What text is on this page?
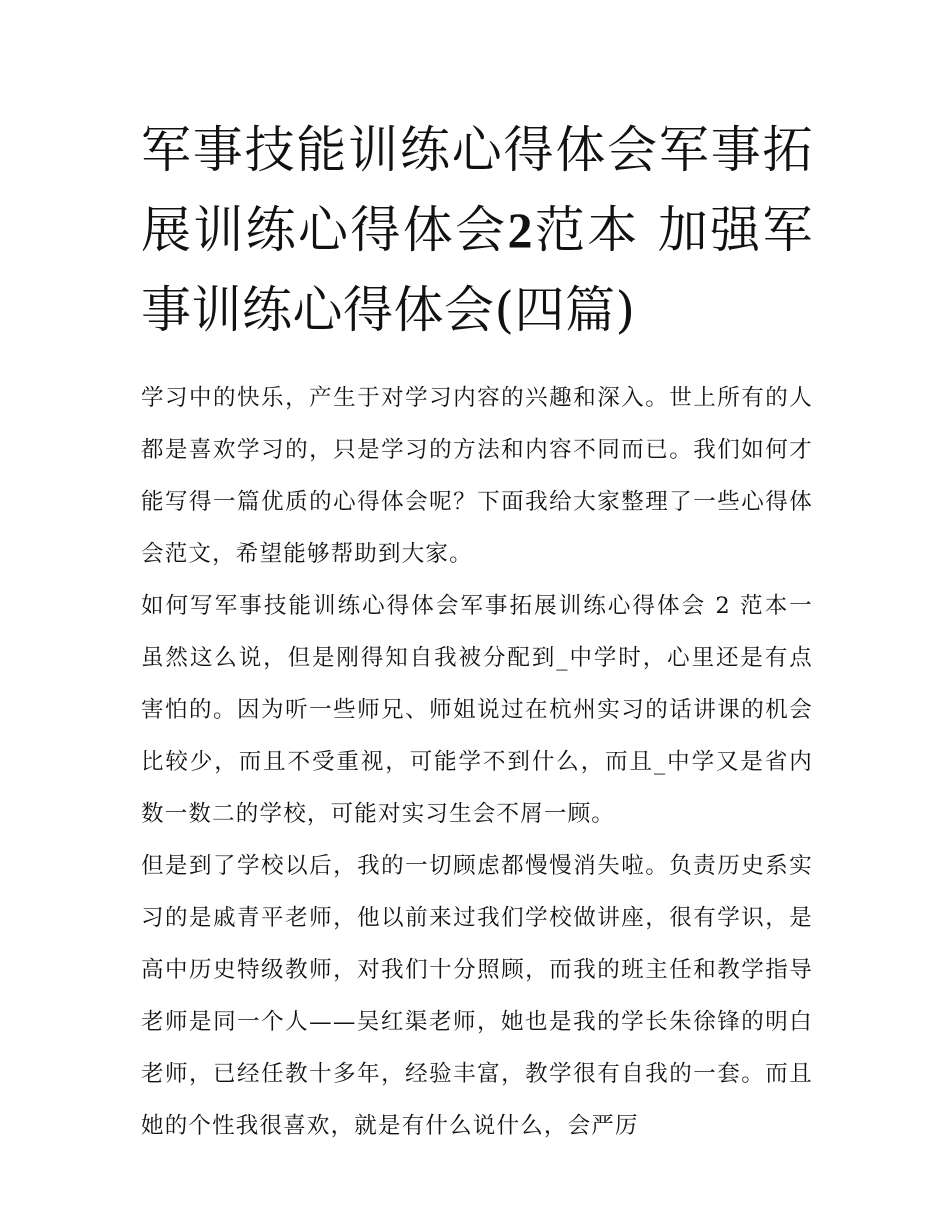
军事技能训练心得体会军事拓展训练心得体会2范本 加强军事训练心得体会(四篇)

学习中的快乐，产生于对学习内容的兴趣和深入。世上所有的人都是喜欢学习的，只是学习的方法和内容不同而已。我们如何才能写得一篇优质的心得体会呢？下面我给大家整理了一些心得体会范文，希望能够帮助到大家。

如何写军事技能训练心得体会军事拓展训练心得体会 2 范本一虽然这么说，但是刚得知自我被分配到_中学时，心里还是有点害怕的。因为听一些师兄、师姐说过在杭州实习的话讲课的机会比较少，而且不受重视，可能学不到什么，而且_中学又是省内数一数二的学校，可能对实习生会不屑一顾。

但是到了学校以后，我的一切顾虑都慢慢消失啦。负责历史系实习的是戚青平老师，他以前来过我们学校做讲座，很有学识，是高中历史特级教师，对我们十分照顾，而我的班主任和教学指导老师是同一个人——吴红渠老师，她也是我的学长朱徐锋的明白老师，已经任教十多年，经验丰富，教学很有自我的一套。而且她的个性我很喜欢，就是有什么说什么，会严厉
